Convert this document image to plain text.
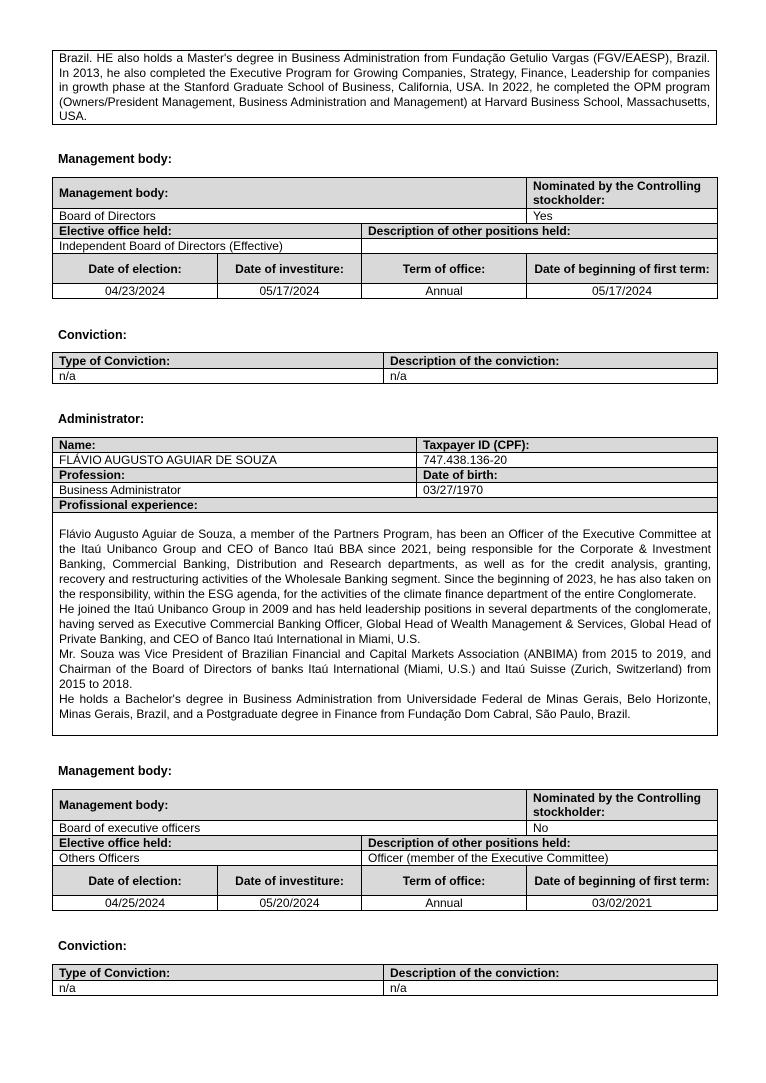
Brazil. HE also holds a Master's degree in Business Administration from Fundação Getulio Vargas (FGV/EAESP), Brazil. In 2013, he also completed the Executive Program for Growing Companies, Strategy, Finance, Leadership for companies in growth phase at the Stanford Graduate School of Business, California, USA. In 2022, he completed the OPM program (Owners/President Management, Business Administration and Management) at Harvard Business School, Massachusetts, USA.
Management body:
Management body:			Nominated by the Controlling stockholder:
Board of Directors			Yes
Elective office held:		Description of other positions held:	
Independent Board of Directors (Effective)			
Date of election:	Date of investiture:	Term of office:	Date of beginning of first term:
04/23/2024	05/17/2024	Annual	05/17/2024
Conviction:
Type of Conviction:	Description of the conviction:
n/a	n/a
Administrator:
Name:	Taxpayer ID (CPF):
FLÁVIO AUGUSTO AGUIAR DE SOUZA	747.438.136-20
Profession:	Date of birth:
Business Administrator	03/27/1970
Profissional experience:	

Flávio Augusto Aguiar de Souza, a member of the Partners Program, has been an Officer of the Executive Committee at the Itaú Unibanco Group and CEO of Banco Itaú BBA since 2021, being responsible for the Corporate & Investment Banking, Commercial Banking, Distribution and Research departments, as well as for the credit analysis, granting, recovery and restructuring activities of the Wholesale Banking segment. Since the beginning of 2023, he has also taken on the responsibility, within the ESG agenda, for the activities of the climate finance department of the entire Conglomerate.

He joined the Itaú Unibanco Group in 2009 and has held leadership positions in several departments of the conglomerate, having served as Executive Commercial Banking Officer, Global Head of Wealth Management & Services, Global Head of Private Banking, and CEO of Banco Itaú International in Miami, U.S.

Mr. Souza was Vice President of Brazilian Financial and Capital Markets Association (ANBIMA) from 2015 to 2019, and Chairman of the Board of Directors of banks Itaú International (Miami, U.S.) and Itaú Suisse (Zurich, Switzerland) from 2015 to 2018.

He holds a Bachelor's degree in Business Administration from Universidade Federal de Minas Gerais, Belo Horizonte, Minas Gerais, Brazil, and a Postgraduate degree in Finance from Fundação Dom Cabral, São Paulo, Brazil.	

Management body:
Management body:			Nominated by the Controlling stockholder:
Board of executive officers			No
Elective office held:		Description of other positions held:	
Others Officers		Officer (member of the Executive Committee)	
Date of election:	Date of investiture:	Term of office:	Date of beginning of first term:
04/25/2024	05/20/2024	Annual	03/02/2021
Conviction:
Type of Conviction:	Description of the conviction:
n/a	n/a
